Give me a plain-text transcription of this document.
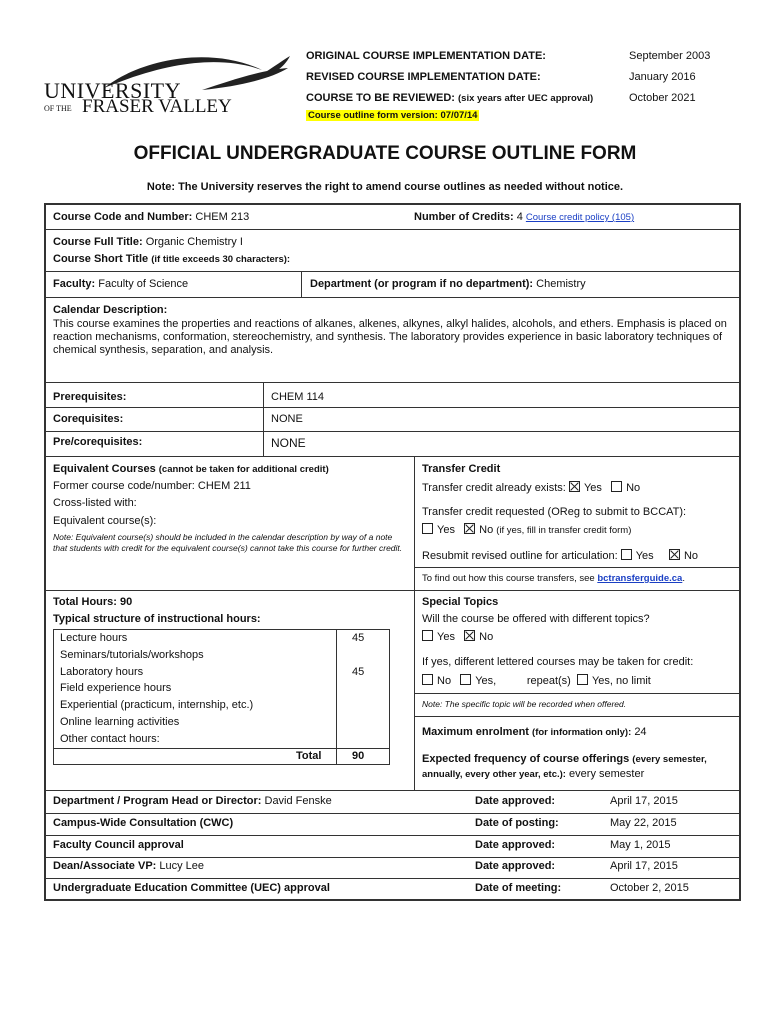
UNIVERSITY
OF THE FRASER VALLEY
ORIGINAL COURSE IMPLEMENTATION DATE:	September 2003
REVISED COURSE IMPLEMENTATION DATE:	January 2016
COURSE TO BE REVIEWED: (six years after UEC approval)	October 2021
Course outline form version: 07/07/14
OFFICIAL UNDERGRADUATE COURSE OUTLINE FORM
Note: The University reserves the right to amend course outlines as needed without notice.
Course Code and Number: CHEM 213	Number of Credits: 4 Course credit policy (105)
Course Full Title: Organic Chemistry I
Course Short Title (if title exceeds 30 characters):
Faculty: Faculty of Science	Department (or program if no department): Chemistry
Calendar Description:
This course examines the properties and reactions of alkanes, alkenes, alkynes, alkyl halides, alcohols, and ethers. Emphasis is placed on reaction mechanisms, conformation, stereochemistry, and synthesis. The laboratory provides experience in basic laboratory techniques of chemical synthesis, separation, and analysis.
Prerequisites:	CHEM 114
Corequisites:	NONE
Pre/corequisites:	NONE
Equivalent Courses (cannot be taken for additional credit)
Former course code/number: CHEM 211
Cross-listed with:
Equivalent course(s):
Note: Equivalent course(s) should be included in the calendar description by way of a note that students with credit for the equivalent course(s) cannot take this course for further credit.
Transfer Credit
Transfer credit already exists: Yes No
Transfer credit requested (OReg to submit to BCCAT):
Yes No (if yes, fill in transfer credit form)
Resubmit revised outline for articulation: Yes	No
To find out how this course transfers, see bctransferguide.ca.
Total Hours: 90
Typical structure of instructional hours:
Lecture hours	45
Seminars/tutorials/workshops
Laboratory hours	45
Field experience hours
Experiential (practicum, internship, etc.)
Online learning activities
Other contact hours:
Total	90
Special Topics
Will the course be offered with different topics?
Yes No
If yes, different lettered courses may be taken for credit:
No Yes,	repeat(s) Yes, no limit
Note: The specific topic will be recorded when offered.
Maximum enrolment (for information only): 24
Expected frequency of course offerings (every semester, annually, every other year, etc.): every semester
Department / Program Head or Director: David Fenske	Date approved:	April 17, 2015
Campus-Wide Consultation (CWC)	Date of posting:	May 22, 2015
Faculty Council approval	Date approved:	May 1, 2015
Dean/Associate VP: Lucy Lee	Date approved:	April 17, 2015
Undergraduate Education Committee (UEC) approval	Date of meeting:	October 2, 2015
